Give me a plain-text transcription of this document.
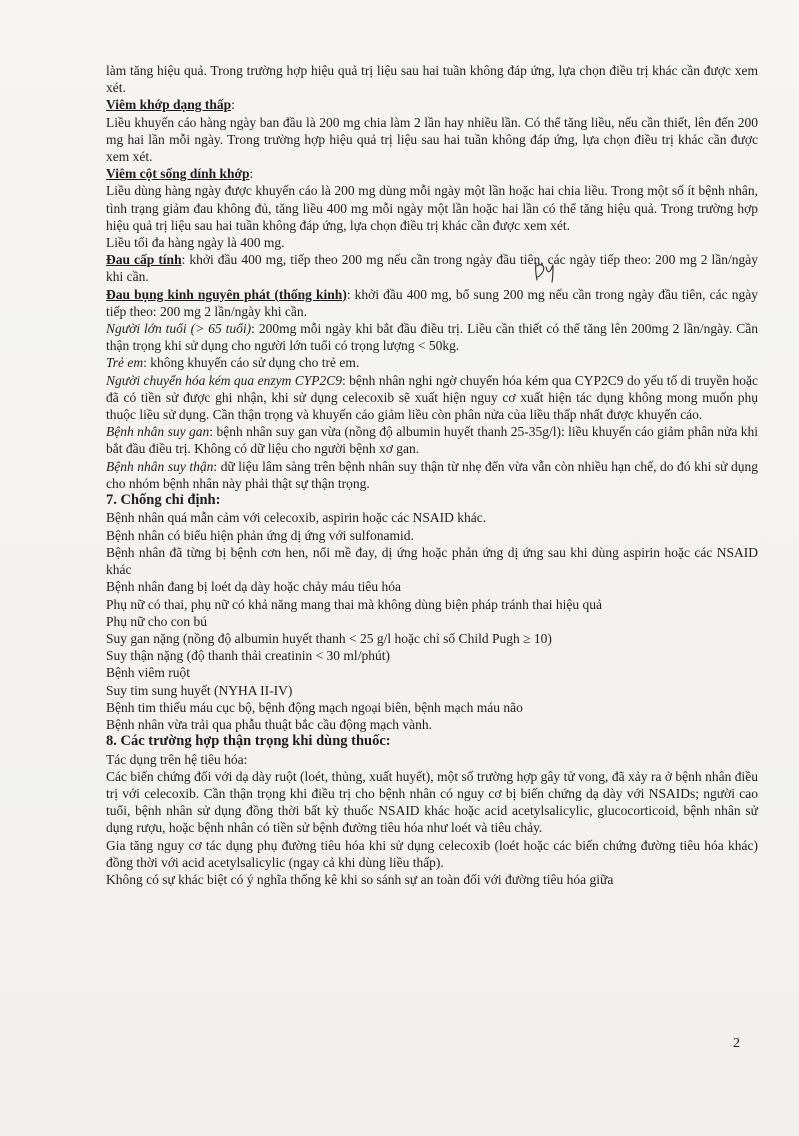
làm tăng hiệu quả. Trong trường hợp hiệu quả trị liệu sau hai tuần không đáp ứng, lựa chọn điều trị khác cần được xem xét.

Viêm khớp dạng thấp:

Liều khuyến cáo hàng ngày ban đầu là 200 mg chia làm 2 lần hay nhiều lần. Có thể tăng liều, nếu cần thiết, lên đến 200 mg hai lần mỗi ngày. Trong trường hợp hiệu quả trị liệu sau hai tuần không đáp ứng, lựa chọn điều trị khác cần được xem xét.

Viêm cột sống dính khớp:

Liều dùng hàng ngày được khuyến cáo là 200 mg dùng mỗi ngày một lần hoặc hai chia liều. Trong một số ít bệnh nhân, tình trạng giảm đau không đủ, tăng liều 400 mg mỗi ngày một lần hoặc hai lần có thể tăng hiệu quả. Trong trường hợp hiệu quả trị liệu sau hai tuần không đáp ứng, lựa chọn điều trị khác cần được xem xét.

Liều tối đa hàng ngày là 400 mg.

Đau cấp tính: khởi đầu 400 mg, tiếp theo 200 mg nếu cần trong ngày đầu tiên, các ngày tiếp theo: 200 mg 2 lần/ngày khi cần.

Đau bụng kinh nguyên phát (thống kinh): khởi đầu 400 mg, bổ sung 200 mg nếu cần trong ngày đầu tiên, các ngày tiếp theo: 200 mg 2 lần/ngày khi cần.

Người lớn tuổi (> 65 tuổi): 200mg mỗi ngày khi bắt đầu điều trị. Liều cần thiết có thể tăng lên 200mg 2 lần/ngày. Cần thận trọng khi sử dụng cho người lớn tuổi có trọng lượng < 50kg.

Trẻ em: không khuyến cáo sử dụng cho trẻ em.

Người chuyển hóa kém qua enzym CYP2C9: bệnh nhân nghi ngờ chuyển hóa kém qua CYP2C9 do yếu tố di truyền hoặc đã có tiền sử được ghi nhận, khi sử dụng celecoxib sẽ xuất hiện nguy cơ xuất hiện tác dụng không mong muốn phụ thuộc liều sử dụng. Cần thận trọng và khuyến cáo giảm liều còn phân nửa của liều thấp nhất được khuyến cáo.

Bệnh nhân suy gan: bệnh nhân suy gan vừa (nồng độ albumin huyết thanh 25-35g/l): liều khuyến cáo giảm phân nửa khi bắt đầu điều trị. Không có dữ liệu cho người bệnh xơ gan.

Bệnh nhân suy thận: dữ liệu lâm sàng trên bệnh nhân suy thận từ nhẹ đến vừa vẫn còn nhiều hạn chế, do đó khi sử dụng cho nhóm bệnh nhân này phải thật sự thận trọng.

7. Chống chỉ định:

Bệnh nhân quá mẫn cảm với celecoxib, aspirin hoặc các NSAID khác.

Bệnh nhân có biểu hiện phản ứng dị ứng với sulfonamid.

Bệnh nhân đã từng bị bệnh cơn hen, nổi mề đay, dị ứng hoặc phản ứng dị ứng sau khi dùng aspirin hoặc các NSAID khác

Bệnh nhân đang bị loét dạ dày hoặc chảy máu tiêu hóa

Phụ nữ có thai, phụ nữ có khả năng mang thai mà không dùng biện pháp tránh thai hiệu quả

Phụ nữ cho con bú

Suy gan nặng (nồng độ albumin huyết thanh < 25 g/l hoặc chỉ số Child Pugh ≥ 10)

Suy thận nặng (độ thanh thải creatinin < 30 ml/phút)

Bệnh viêm ruột

Suy tim sung huyết (NYHA II-IV)

Bệnh tim thiếu máu cục bộ, bệnh động mạch ngoại biên, bệnh mạch máu não

Bệnh nhân vừa trải qua phẫu thuật bắc cầu động mạch vành.

8. Các trường hợp thận trọng khi dùng thuốc:

Tác dụng trên hệ tiêu hóa:

Các biến chứng đối với dạ dày ruột (loét, thủng, xuất huyết), một số trường hợp gây tử vong, đã xảy ra ở bệnh nhân điều trị với celecoxib. Cần thận trọng khi điều trị cho bệnh nhân có nguy cơ bị biến chứng dạ dày với NSAIDs; người cao tuổi, bệnh nhân sử dụng đồng thời bất kỳ thuốc NSAID khác hoặc acid acetylsalicylic, glucocorticoid, bệnh nhân sử dụng rượu, hoặc bệnh nhân có tiền sử bệnh đường tiêu hóa như loét và tiêu chảy.

Gia tăng nguy cơ tác dụng phụ đường tiêu hóa khi sử dụng celecoxib (loét hoặc các biến chứng đường tiêu hóa khác) đồng thời với acid acetylsalicylic (ngay cả khi dùng liều thấp).

Không có sự khác biệt có ý nghĩa thống kê khi so sánh sự an toàn đối với đường tiêu hóa giữa

2
